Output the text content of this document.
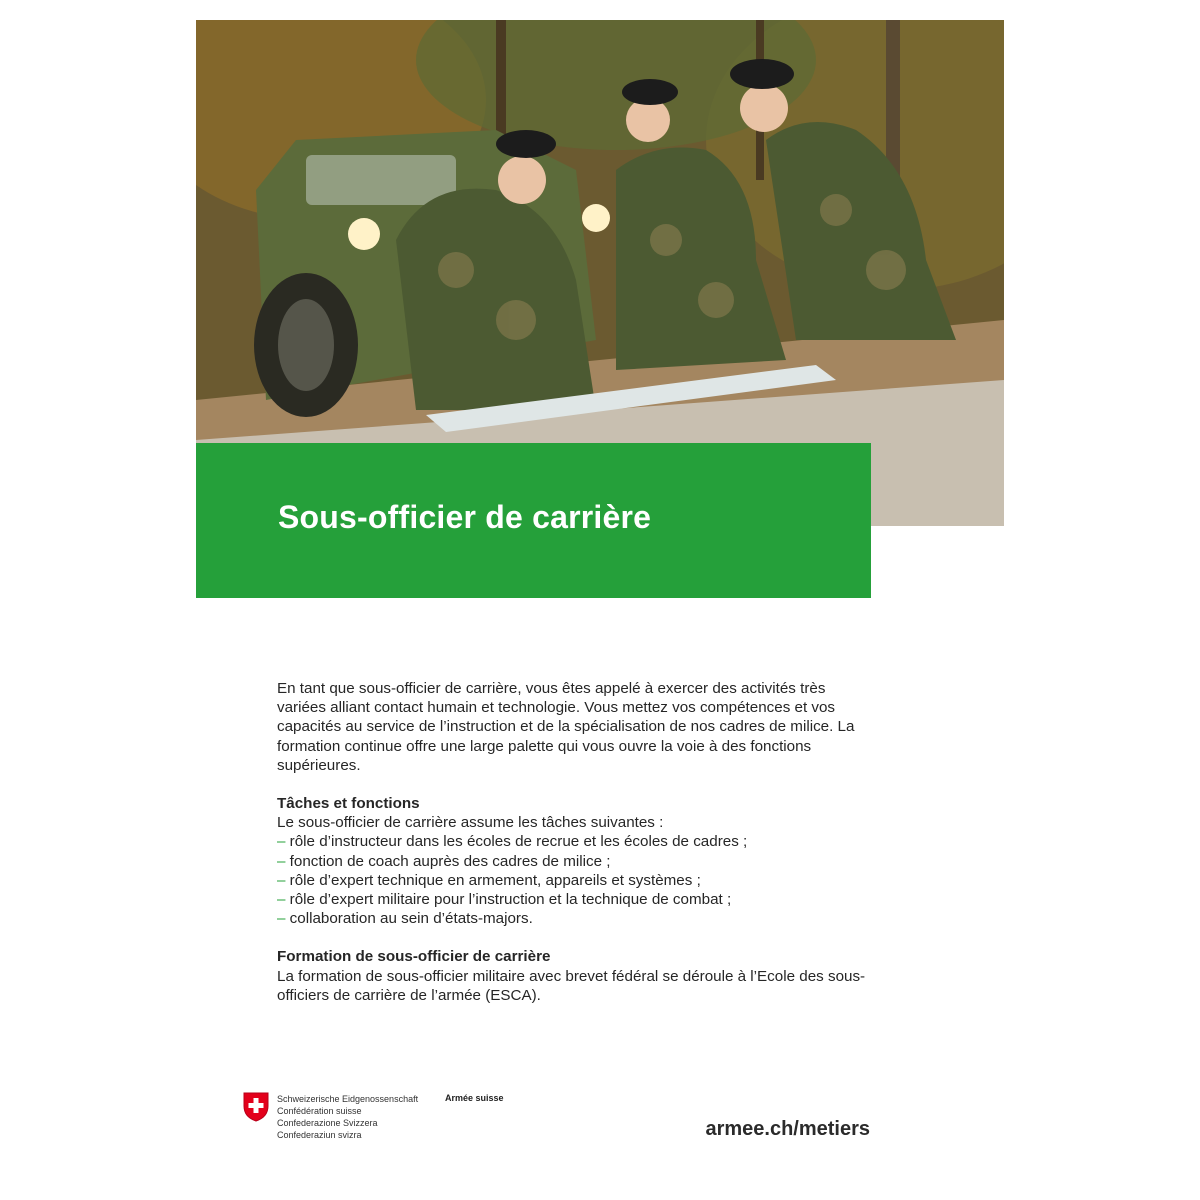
Sous-officier de carrière

En tant que sous-officier de carrière, vous êtes appelé à exercer des activités très variées alliant contact humain et technologie. Vous mettez vos compétences et vos capacités au service de l’instruction et de la spécialisation de nos cadres de milice. La formation continue offre une large palette qui vous ouvre la voie à des fonctions supérieures.

Tâches et fonctions

Le sous-officier de carrière assume les tâches suivantes :

– rôle d’instructeur dans les écoles de recrue et les écoles de cadres ;
– fonction de coach auprès des cadres de milice ;
– rôle d’expert technique en armement, appareils et systèmes ;
– rôle d’expert militaire pour l’instruction et la technique de combat ;
– collaboration au sein d’états-majors.

Formation de sous-officier de carrière

La formation de sous-officier militaire avec brevet fédéral se déroule à l’Ecole des sous-officiers de carrière de l’armée (ESCA).

Schweizerische Eidgenossenschaft
Confédération suisse
Confederazione Svizzera
Confederaziun svizra
Armée suisse
armee.ch/metiers
